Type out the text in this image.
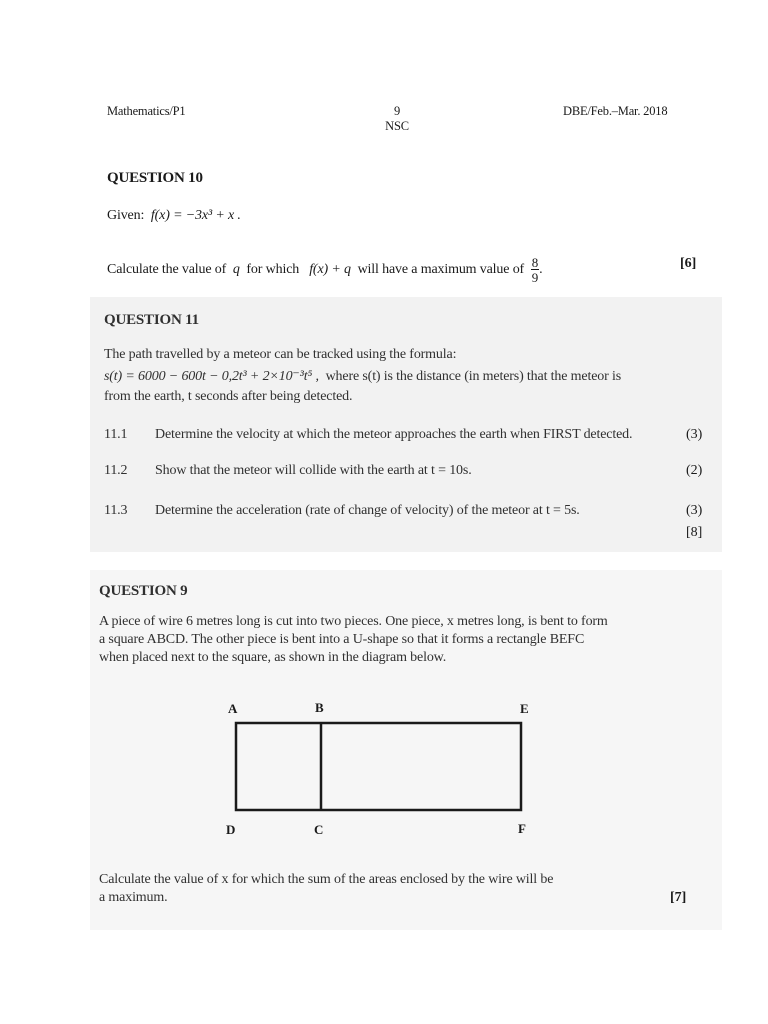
Mathematics/P1	9
NSC
DBE/Feb.–Mar. 2018
QUESTION 10
Given: f(x) = −3x³ + x .
Calculate the value of q for which f(x) + q will have a maximum value of $\frac{8}{9}$ .	[6]
QUESTION 11
The path travelled by a meteor can be tracked using the formula:
s(t) = 6000 − 600t − 0,2t³ + 2×10⁻³t⁵ , where s(t) is the distance (in meters) that the meteor is
from the earth, t seconds after being detected.
11.1 Determine the velocity at which the meteor approaches the earth when FIRST detected.	(3)
11.2 Show that the meteor will collide with the earth at t = 10s.	(2)
11.3 Determine the acceleration (rate of change of velocity) of the meteor at t = 5s.	(3)
[8]
QUESTION 9
A piece of wire 6 metres long is cut into two pieces. One piece, x metres long, is bent to form
a square ABCD. The other piece is bent into a U-shape so that it forms a rectangle BEFC
when placed next to the square, as shown in the diagram below.
A	B	E
D	C	F
Calculate the value of x for which the sum of the areas enclosed by the wire will be
a maximum.	[7]
